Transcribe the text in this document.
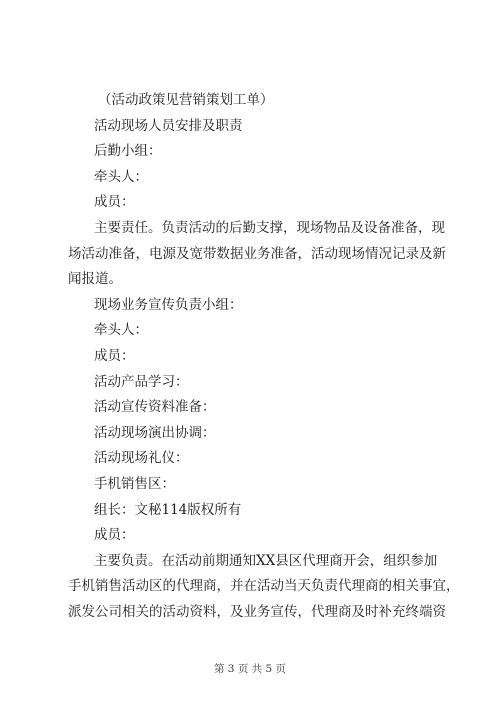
（活动政策见营销策划工单）

活动现场人员安排及职责

后勤小组：

牵头人：

成员：

主要责任。负责活动的后勤支撑，现场物品及设备准备，现

场活动准备，电源及宽带数据业务准备，活动现场情况记录及新

闻报道。

现场业务宣传负责小组：

牵头人：

成员：

活动产品学习：

活动宣传资料准备：

活动现场演出协调：

活动现场礼仪：

手机销售区：

组长：文秘114版权所有

成员：

主要负责。在活动前期通知XX县区代理商开会，组织参加

手机销售活动区的代理商，并在活动当天负责代理商的相关事宜，

派发公司相关的活动资料，及业务宣传，代理商及时补充终端资

第 3 页 共 5 页
